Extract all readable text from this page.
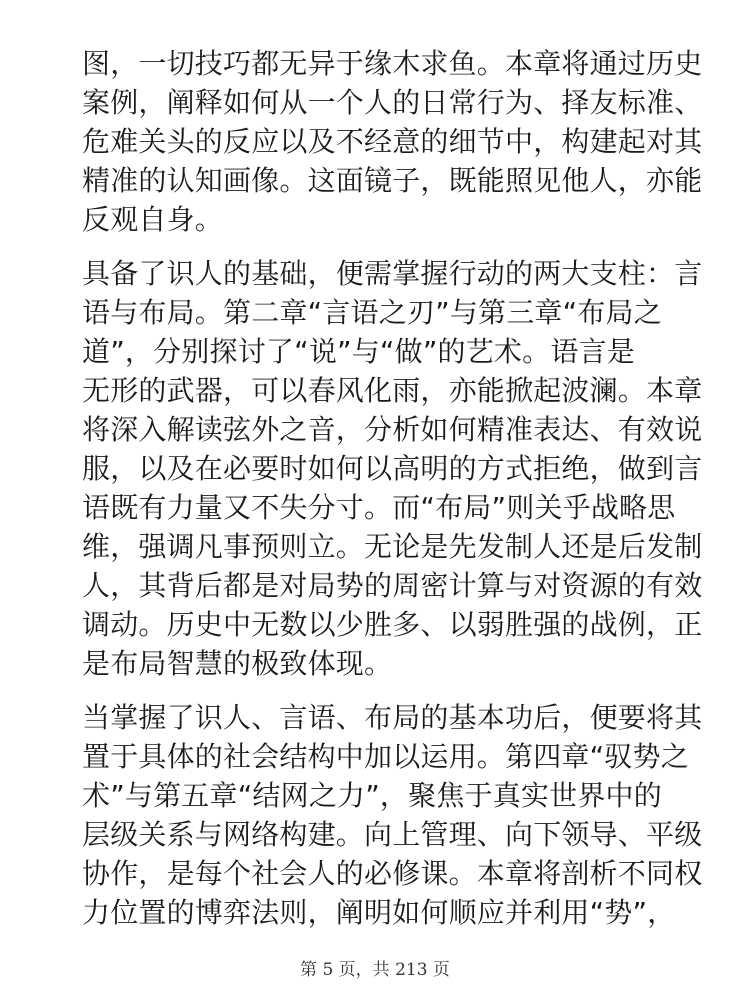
图，一切技巧都无异于缘木求鱼。本章将通过历史
案例，阐释如何从一个人的日常行为、择友标准、
危难关头的反应以及不经意的细节中，构建起对其
精准的认知画像。这面镜子，既能照见他人，亦能
反观自身。
具备了识人的基础，便需掌握行动的两大支柱：言
语与布局。第二章“言语之刃”与第三章“布局之
道”，分别探讨了“说”与“做”的艺术。语言是
无形的武器，可以春风化雨，亦能掀起波澜。本章
将深入解读弦外之音，分析如何精准表达、有效说
服，以及在必要时如何以高明的方式拒绝，做到言
语既有力量又不失分寸。而“布局”则关乎战略思
维，强调凡事预则立。无论是先发制人还是后发制
人，其背后都是对局势的周密计算与对资源的有效
调动。历史中无数以少胜多、以弱胜强的战例，正
是布局智慧的极致体现。
当掌握了识人、言语、布局的基本功后，便要将其
置于具体的社会结构中加以运用。第四章“驭势之
术”与第五章“结网之力”，聚焦于真实世界中的
层级关系与网络构建。向上管理、向下领导、平级
协作，是每个社会人的必修课。本章将剖析不同权
力位置的博弈法则，阐明如何顺应并利用“势”，
第 5 页，共 213 页
